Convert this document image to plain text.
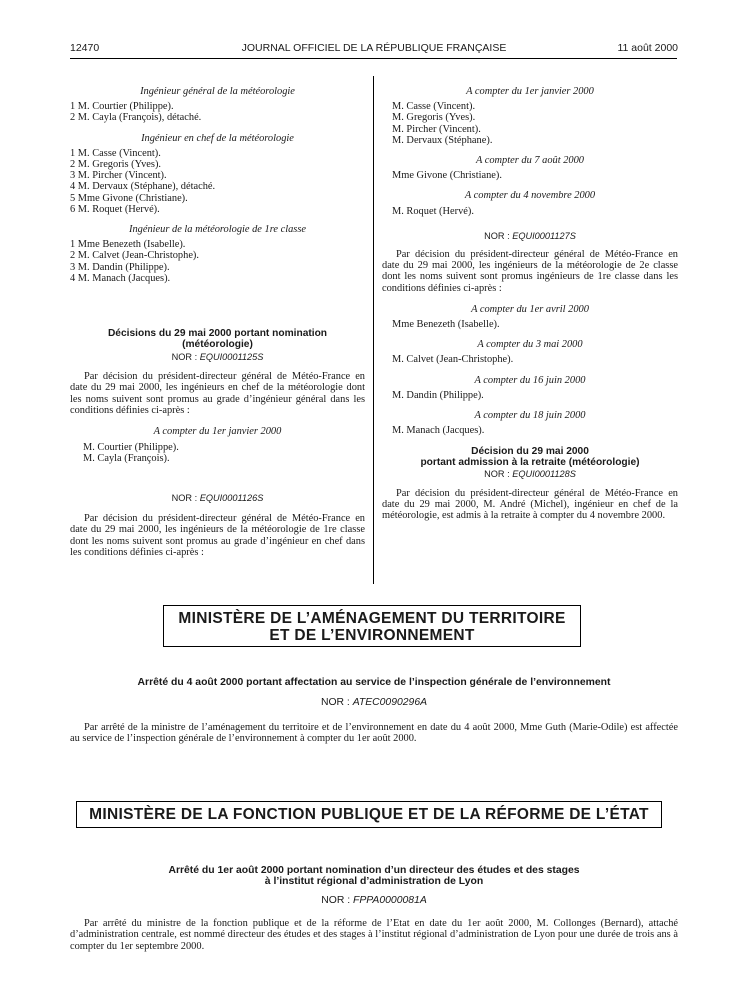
12470	JOURNAL OFFICIEL DE LA RÉPUBLIQUE FRANÇAISE	11 août 2000
Ingénieur général de la météorologie
1 M. Courtier (Philippe).
2 M. Cayla (François), détaché.
Ingénieur en chef de la météorologie
1 M. Casse (Vincent).
2 M. Gregoris (Yves).
3 M. Pircher (Vincent).
4 M. Dervaux (Stéphane), détaché.
5 Mme Givone (Christiane).
6 M. Roquet (Hervé).
Ingénieur de la météorologie de 1re classe
1 Mme Benezeth (Isabelle).
2 M. Calvet (Jean-Christophe).
3 M. Dandin (Philippe).
4 M. Manach (Jacques).
Décisions du 29 mai 2000 portant nomination
(météorologie)
NOR : EQUI0001125S
Par décision du président-directeur général de Météo-France en date du 29 mai 2000, les ingénieurs en chef de la météorologie dont les noms suivent sont promus au grade d’ingénieur général dans les conditions définies ci-après :
A compter du 1er janvier 2000
M. Courtier (Philippe).
M. Cayla (François).
NOR : EQUI0001126S
Par décision du président-directeur général de Météo-France en date du 29 mai 2000, les ingénieurs de la météorologie de 1re classe dont les noms suivent sont promus au grade d’ingénieur en chef dans les conditions définies ci-après :
A compter du 1er janvier 2000
M. Casse (Vincent).
M. Gregoris (Yves).
M. Pircher (Vincent).
M. Dervaux (Stéphane).
A compter du 7 août 2000
Mme Givone (Christiane).
A compter du 4 novembre 2000
M. Roquet (Hervé).
NOR : EQUI0001127S
Par décision du président-directeur général de Météo-France en date du 29 mai 2000, les ingénieurs de la météorologie de 2e classe dont les noms suivent sont promus ingénieurs de 1re classe dans les conditions définies ci-après :
A compter du 1er avril 2000
Mme Benezeth (Isabelle).
A compter du 3 mai 2000
M. Calvet (Jean-Christophe).
A compter du 16 juin 2000
M. Dandin (Philippe).
A compter du 18 juin 2000
M. Manach (Jacques).
Décision du 29 mai 2000
portant admission à la retraite (météorologie)
NOR : EQUI0001128S
Par décision du président-directeur général de Météo-France en date du 29 mai 2000, M. André (Michel), ingénieur en chef de la météorologie, est admis à la retraite à compter du 4 novembre 2000.
MINISTÈRE DE L’AMÉNAGEMENT DU TERRITOIRE
ET DE L’ENVIRONNEMENT
Arrêté du 4 août 2000 portant affectation au service de l’inspection générale de l’environnement
NOR : ATEC0090296A
Par arrêté de la ministre de l’aménagement du territoire et de l’environnement en date du 4 août 2000, Mme Guth (Marie-Odile) est affectée au service de l’inspection générale de l’environnement à compter du 1er août 2000.
MINISTÈRE DE LA FONCTION PUBLIQUE ET DE LA RÉFORME DE L’ÉTAT
Arrêté du 1er août 2000 portant nomination d’un directeur des études et des stages
à l’institut régional d’administration de Lyon
NOR : FPPA0000081A
Par arrêté du ministre de la fonction publique et de la réforme de l’Etat en date du 1er août 2000, M. Collonges (Bernard), attaché d’administration centrale, est nommé directeur des études et des stages à l’institut régional d’administration de Lyon pour une durée de trois ans à compter du 1er septembre 2000.
